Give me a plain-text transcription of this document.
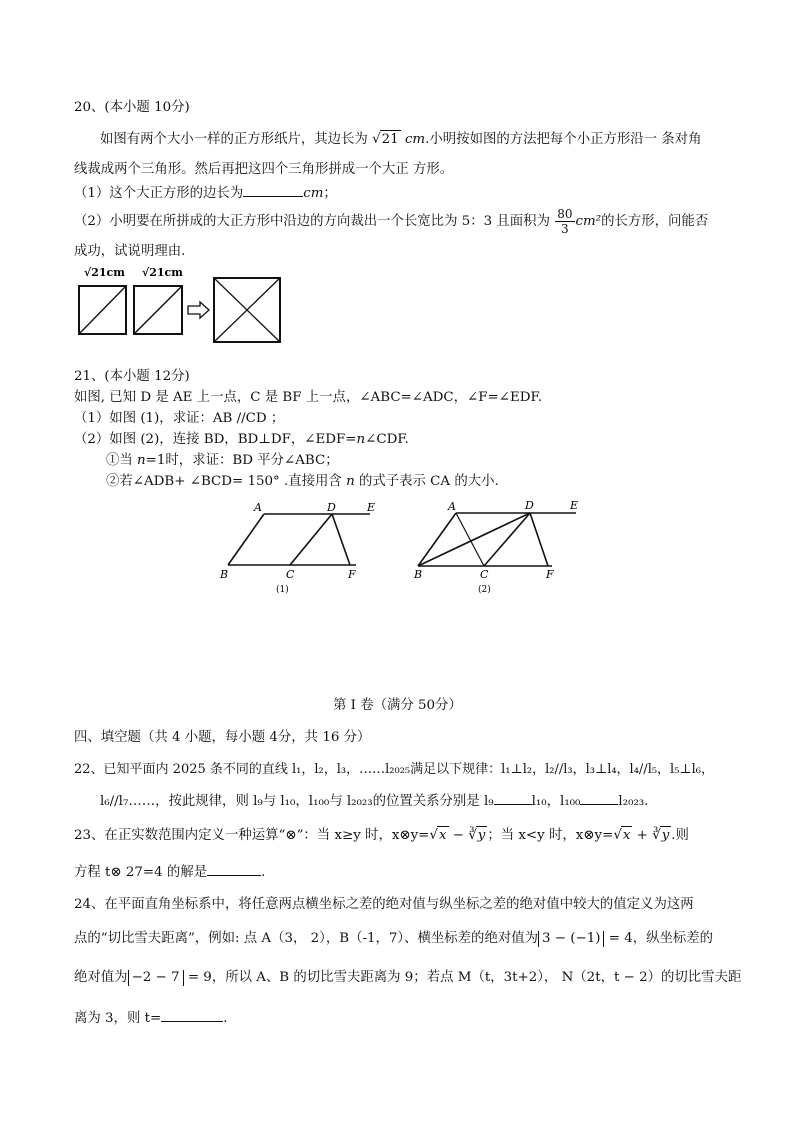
20、(本小题 10分)
如图有两个大小一样的正方形纸片，其边长为 √21 cm.小明按如图的方法把每个小正方形沿一 条对角
线裁成两个三角形。然后再把这四个三角形拼成一个大正 方形。
（1）这个大正方形的边长为	cm；
（2）小明要在所拼成的大正方形中沿边的方向裁出一个长宽比为 5：3 且面积为 $\frac{80}{3} cm^2$的长方形，问能否
成功，试说明理由.
√21cm √21cm
21、(本小题 12分)
如图, 已知 D 是 AE 上一点，C 是 BF 上一点，∠ABC=∠ADC，∠F=∠EDF.
（1）如图 (1)，求证：AB //CD ；
（2）如图 (2)，连接 BD，BD⊥DF，∠EDF=n∠CDF.
①当 n=1时，求证：BD 平分∠ABC；
②若∠ADB+ ∠BCD= 150° .直接用含 n 的式子表示 CA 的大小.
A	D	E
B	C	F
(1)
A	D	E
B	C	F
(2)
第 I 卷（满分 50分）
四、填空题（共 4 小题，每小题 4分，共 16 分）
22、已知平面内 2025 条不同的直线 l₁，l₂，l₃，……l₂₀₂₅满足以下规律：l₁⊥l₂，l₂//l₃，l₃⊥l₄，l₄//l₅，l₅⊥l₆，
l₆//l₇……，按此规律，则 l₉与 l₁₀，l₁₀₀与 l₂₀₂₃的位置关系分别是 l₉	l₁₀，l₁₀₀	l₂₀₂₃.
23、在正实数范围内定义一种运算“⊗”：当 x≥y 时，x⊗y=√x − ∛y ；当 x<y 时，x⊗y=√x + ∛y .则
方程 t⊗ 27=4 的解是	.
24、在平面直角坐标系中，将任意两点横坐标之差的绝对值与纵坐标之差的绝对值中较大的值定义为这两
点的“切比雪夫距离”，例如: 点 A（3， 2），B（-1，7）、横坐标差的绝对值为 3 − (−1) = 4，纵坐标差的
绝对值为 −2 − 7 = 9，所以 A、B 的切比雪夫距离为 9；若点 M（t，3t+2）， N（2t，t − 2）的切比雪夫距
离为 3，则 t=	.
